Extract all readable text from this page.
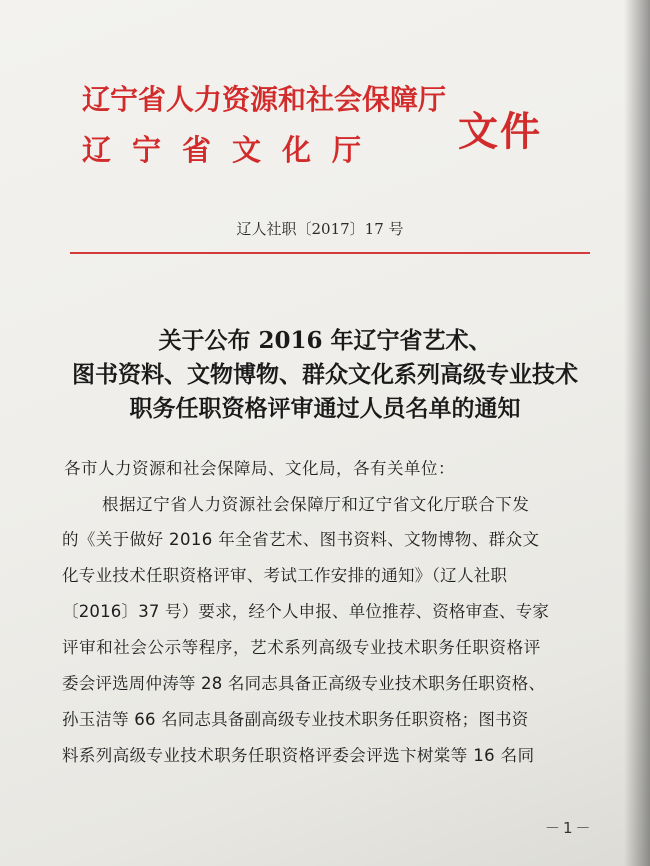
辽宁省人力资源和社会保障厅
辽宁省文化厅 文件
辽人社职〔2017〕17 号
关于公布 2016 年辽宁省艺术、
图书资料、文物博物、群众文化系列高级专业技术
职务任职资格评审通过人员名单的通知
各市人力资源和社会保障局、文化局，各有关单位：
根据辽宁省人力资源社会保障厅和辽宁省文化厅联合下发
的《关于做好 2016 年全省艺术、图书资料、文物博物、群众文
化专业技术任职资格评审、考试工作安排的通知》（辽人社职
〔2016〕37 号）要求，经个人申报、单位推荐、资格审查、专家
评审和社会公示等程序，艺术系列高级专业技术职务任职资格评
委会评选周仲涛等 28 名同志具备正高级专业技术职务任职资格、
孙玉洁等 66 名同志具备副高级专业技术职务任职资格；图书资
料系列高级专业技术职务任职资格评委会评选卞树棠等 16 名同
－1－
